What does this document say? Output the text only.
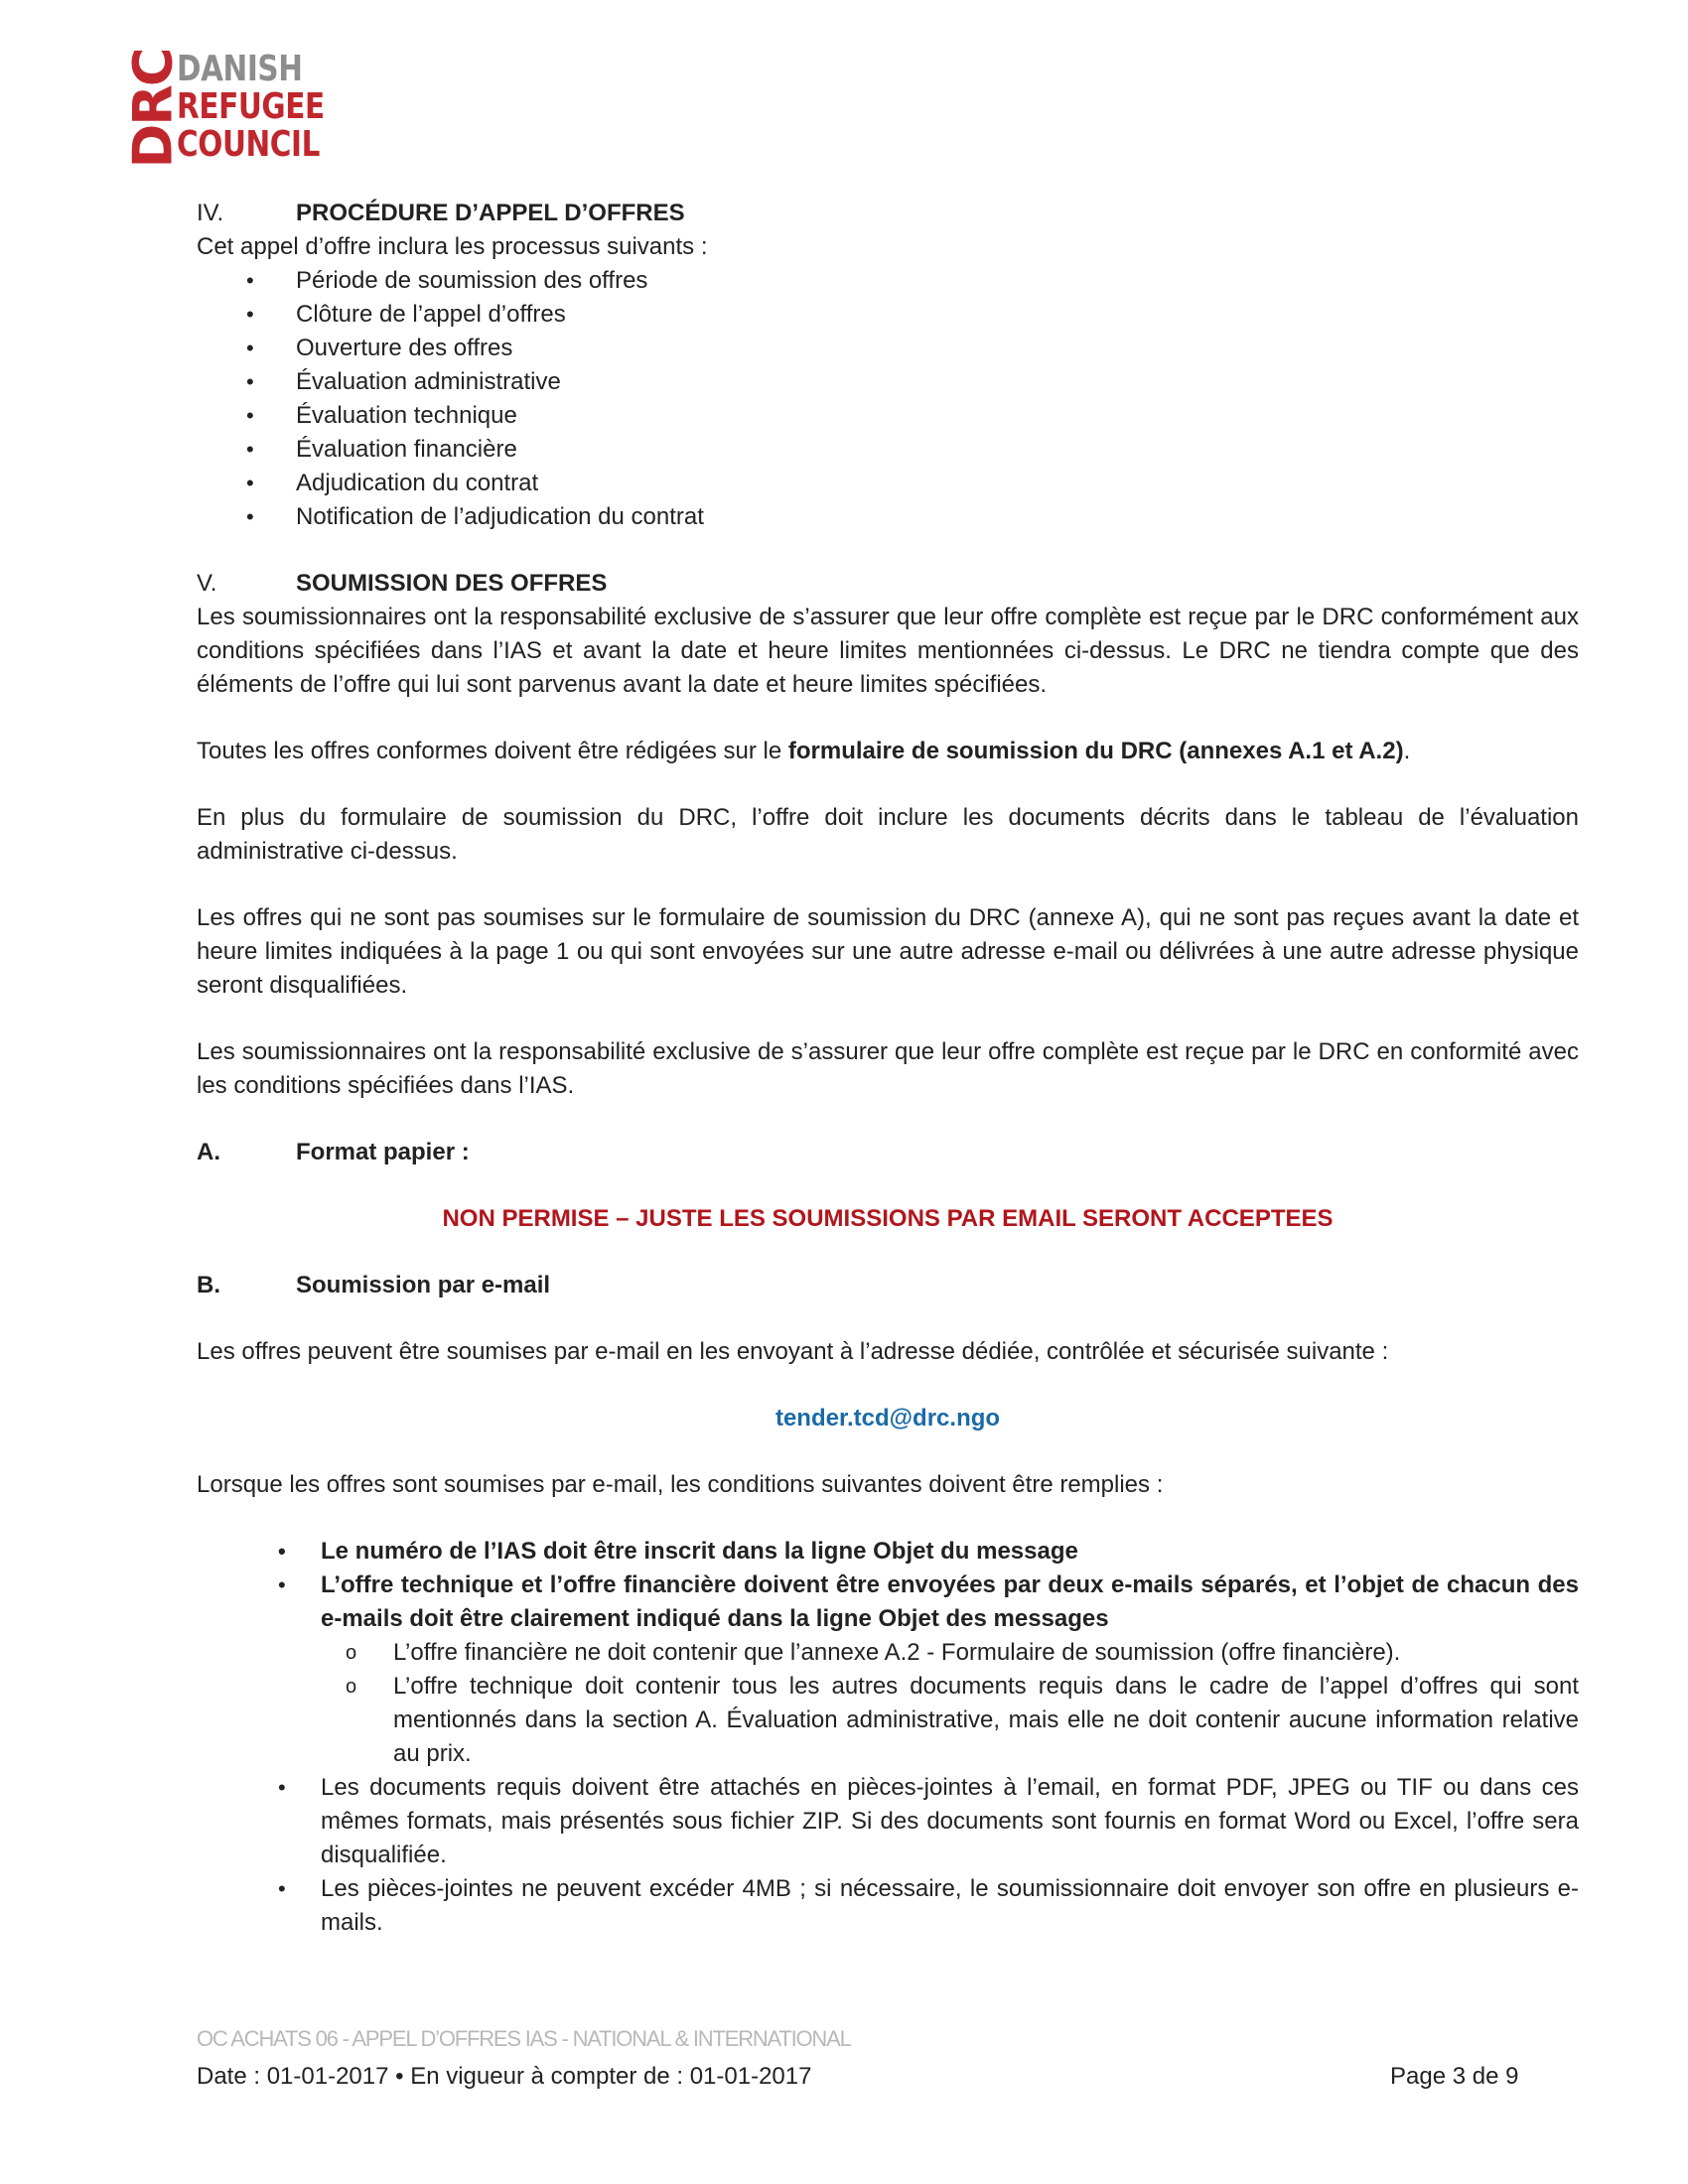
DRC
DANISH
REFUGEE
COUNCIL
IV.	PROCÉDURE D’APPEL D’OFFRES

Cet appel d’offre inclura les processus suivants :

• Période de soumission des offres
• Clôture de l’appel d’offres
• Ouverture des offres
• Évaluation administrative
• Évaluation technique
• Évaluation financière
• Adjudication du contrat
• Notification de l’adjudication du contrat
V.	SOUMISSION DES OFFRES

Les soumissionnaires ont la responsabilité exclusive de s’assurer que leur offre complète est reçue par le DRC conformément aux conditions spécifiées dans l’IAS et avant la date et heure limites mentionnées ci-dessus. Le DRC ne tiendra compte que des éléments de l’offre qui lui sont parvenus avant la date et heure limites spécifiées.

Toutes les offres conformes doivent être rédigées sur le formulaire de soumission du DRC (annexes A.1 et A.2).

En plus du formulaire de soumission du DRC, l’offre doit inclure les documents décrits dans le tableau de l’évaluation administrative ci-dessus.

Les offres qui ne sont pas soumises sur le formulaire de soumission du DRC (annexe A), qui ne sont pas reçues avant la date et heure limites indiquées à la page 1 ou qui sont envoyées sur une autre adresse e-mail ou délivrées à une autre adresse physique seront disqualifiées.

Les soumissionnaires ont la responsabilité exclusive de s’assurer que leur offre complète est reçue par le DRC en conformité avec les conditions spécifiées dans l’IAS.

A.	Format papier :

NON PERMISE – JUSTE LES SOUMISSIONS PAR EMAIL SERONT ACCEPTEES

B.	Soumission par e-mail

Les offres peuvent être soumises par e-mail en les envoyant à l’adresse dédiée, contrôlée et sécurisée suivante :

tender.tcd@drc.ngo

Lorsque les offres sont soumises par e-mail, les conditions suivantes doivent être remplies :

• Le numéro de l’IAS doit être inscrit dans la ligne Objet du message
• L’offre technique et l’offre financière doivent être envoyées par deux e-mails séparés, et l’objet de chacun des e-mails doit être clairement indiqué dans la ligne Objet des messages
o L’offre financière ne doit contenir que l’annexe A.2 - Formulaire de soumission (offre financière).
o L’offre technique doit contenir tous les autres documents requis dans le cadre de l’appel d’offres qui sont mentionnés dans la section A. Évaluation administrative, mais elle ne doit contenir aucune information relative au prix.
• Les documents requis doivent être attachés en pièces-jointes à l’email, en format PDF, JPEG ou TIF ou dans ces mêmes formats, mais présentés sous fichier ZIP. Si des documents sont fournis en format Word ou Excel, l’offre sera disqualifiée.
• Les pièces-jointes ne peuvent excéder 4MB ; si nécessaire, le soumissionnaire doit envoyer son offre en plusieurs e-mails.
OC ACHATS 06 - APPEL D’OFFRES IAS - NATIONAL & INTERNATIONAL
Date : 01-01-2017 • En vigueur à compter de : 01-01-2017	Page 3 de 9
